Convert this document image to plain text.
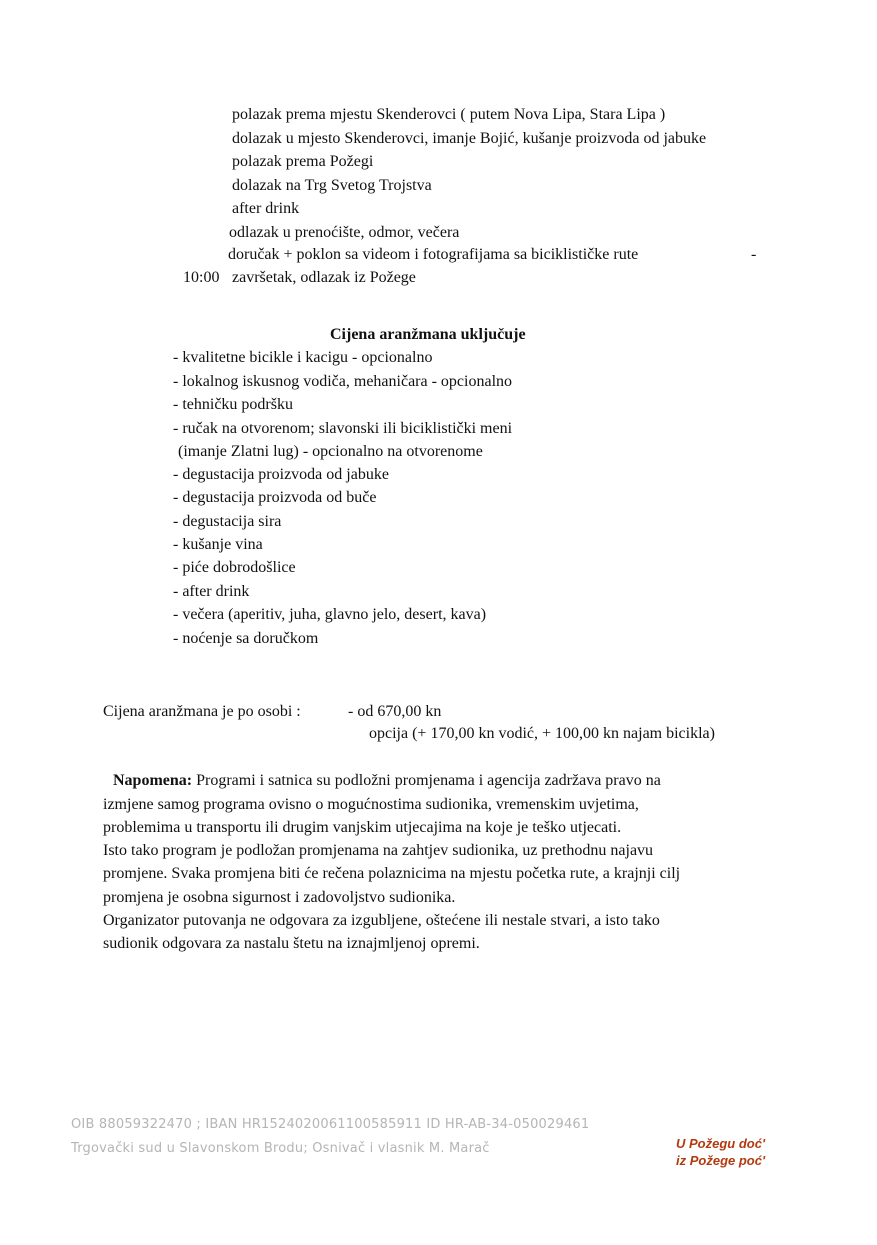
polazak prema mjestu Skenderovci ( putem Nova Lipa, Stara Lipa )
dolazak u mjesto Skenderovci, imanje Bojić, kušanje proizvoda od jabuke
polazak prema Požegi
dolazak na Trg Svetog Trojstva
after drink
odlazak u prenoćište, odmor, večera
doručak + poklon sa videom i fotografijama sa biciklističke rute	-
10:00 završetak, odlazak iz Požege
Cijena aranžmana uključuje
- kvalitetne bicikle i kacigu - opcionalno
- lokalnog iskusnog vodiča, mehaničara - opcionalno
- tehničku podršku
- ručak na otvorenom; slavonski ili biciklistički meni
(imanje Zlatni lug) - opcionalno na otvorenome
- degustacija proizvoda od jabuke
- degustacija proizvoda od buče
- degustacija sira
- kušanje vina
- piće dobrodošlice
- after drink
- večera (aperitiv, juha, glavno jelo, desert, kava)
- noćenje sa doručkom
Cijena aranžmana je po osobi :	- od 670,00 kn
opcija (+ 170,00 kn vodić, + 100,00 kn najam bicikla)
Napomena: Programi i satnica su podložni promjenama i agencija zadržava pravo na
izmjene samog programa ovisno o mogućnostima sudionika, vremenskim uvjetima,
problemima u transportu ili drugim vanjskim utjecajima na koje je teško utjecati.
Isto tako program je podložan promjenama na zahtjev sudionika, uz prethodnu najavu
promjene. Svaka promjena biti će rečena polaznicima na mjestu početka rute, a krajnji cilj
promjena je osobna sigurnost i zadovoljstvo sudionika.
Organizator putovanja ne odgovara za izgubljene, oštećene ili nestale stvari, a isto tako
sudionik odgovara za nastalu štetu na iznajmljenoj opremi.
OIB 88059322470 ; IBAN HR1524020061100585911 ID HR-AB-34-050029461
Trgovački sud u Slavonskom Brodu; Osnivač i vlasnik M. Marač	U Požegu doć'
iz Požege poć'
